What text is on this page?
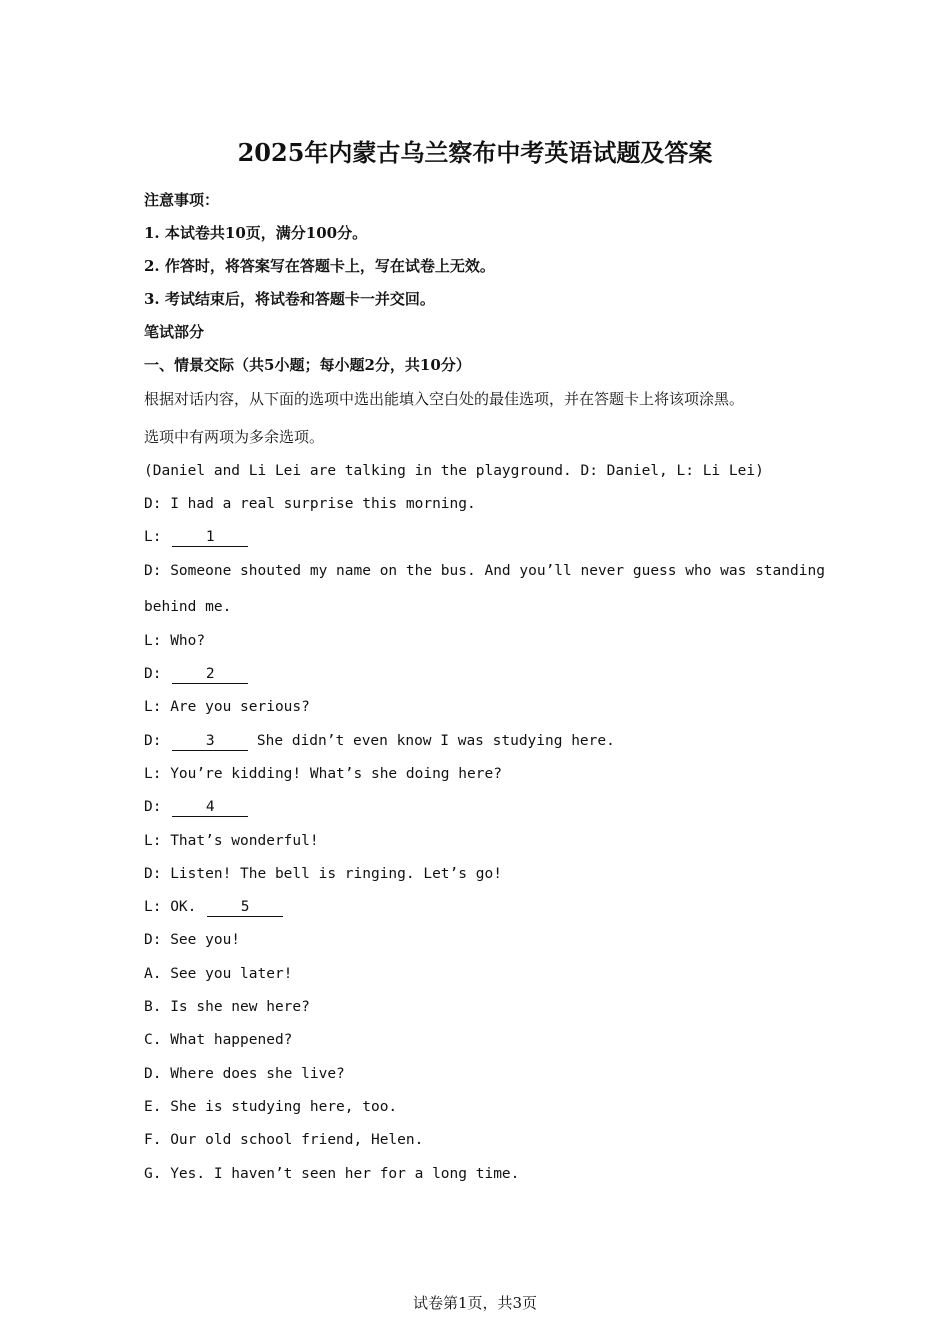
2025年内蒙古乌兰察布中考英语试题及答案
注意事项：
1. 本试卷共10页，满分100分。
2. 作答时，将答案写在答题卡上，写在试卷上无效。
3. 考试结束后，将试卷和答题卡一并交回。
笔试部分
一、情景交际（共5小题；每小题2分，共10分）
根据对话内容，从下面的选项中选出能填入空白处的最佳选项，并在答题卡上将该项涂黑。
选项中有两项为多余选项。
(Daniel and Li Lei are talking in the playground. D: Daniel, L: Li Lei)
D: I had a real surprise this morning.
L: 1
D: Someone shouted my name on the bus. And you’ll never guess who was standing
behind me.
L: Who?
D: 2
L: Are you serious?
D: 3 She didn’t even know I was studying here.
L: You’re kidding! What’s she doing here?
D: 4
L: That’s wonderful!
D: Listen! The bell is ringing. Let’s go!
L: OK. 5
D: See you!
A. See you later!
B. Is she new here?
C. What happened?
D. Where does she live?
E. She is studying here, too.
F. Our old school friend, Helen.
G. Yes. I haven’t seen her for a long time.
试卷第1页，共3页
